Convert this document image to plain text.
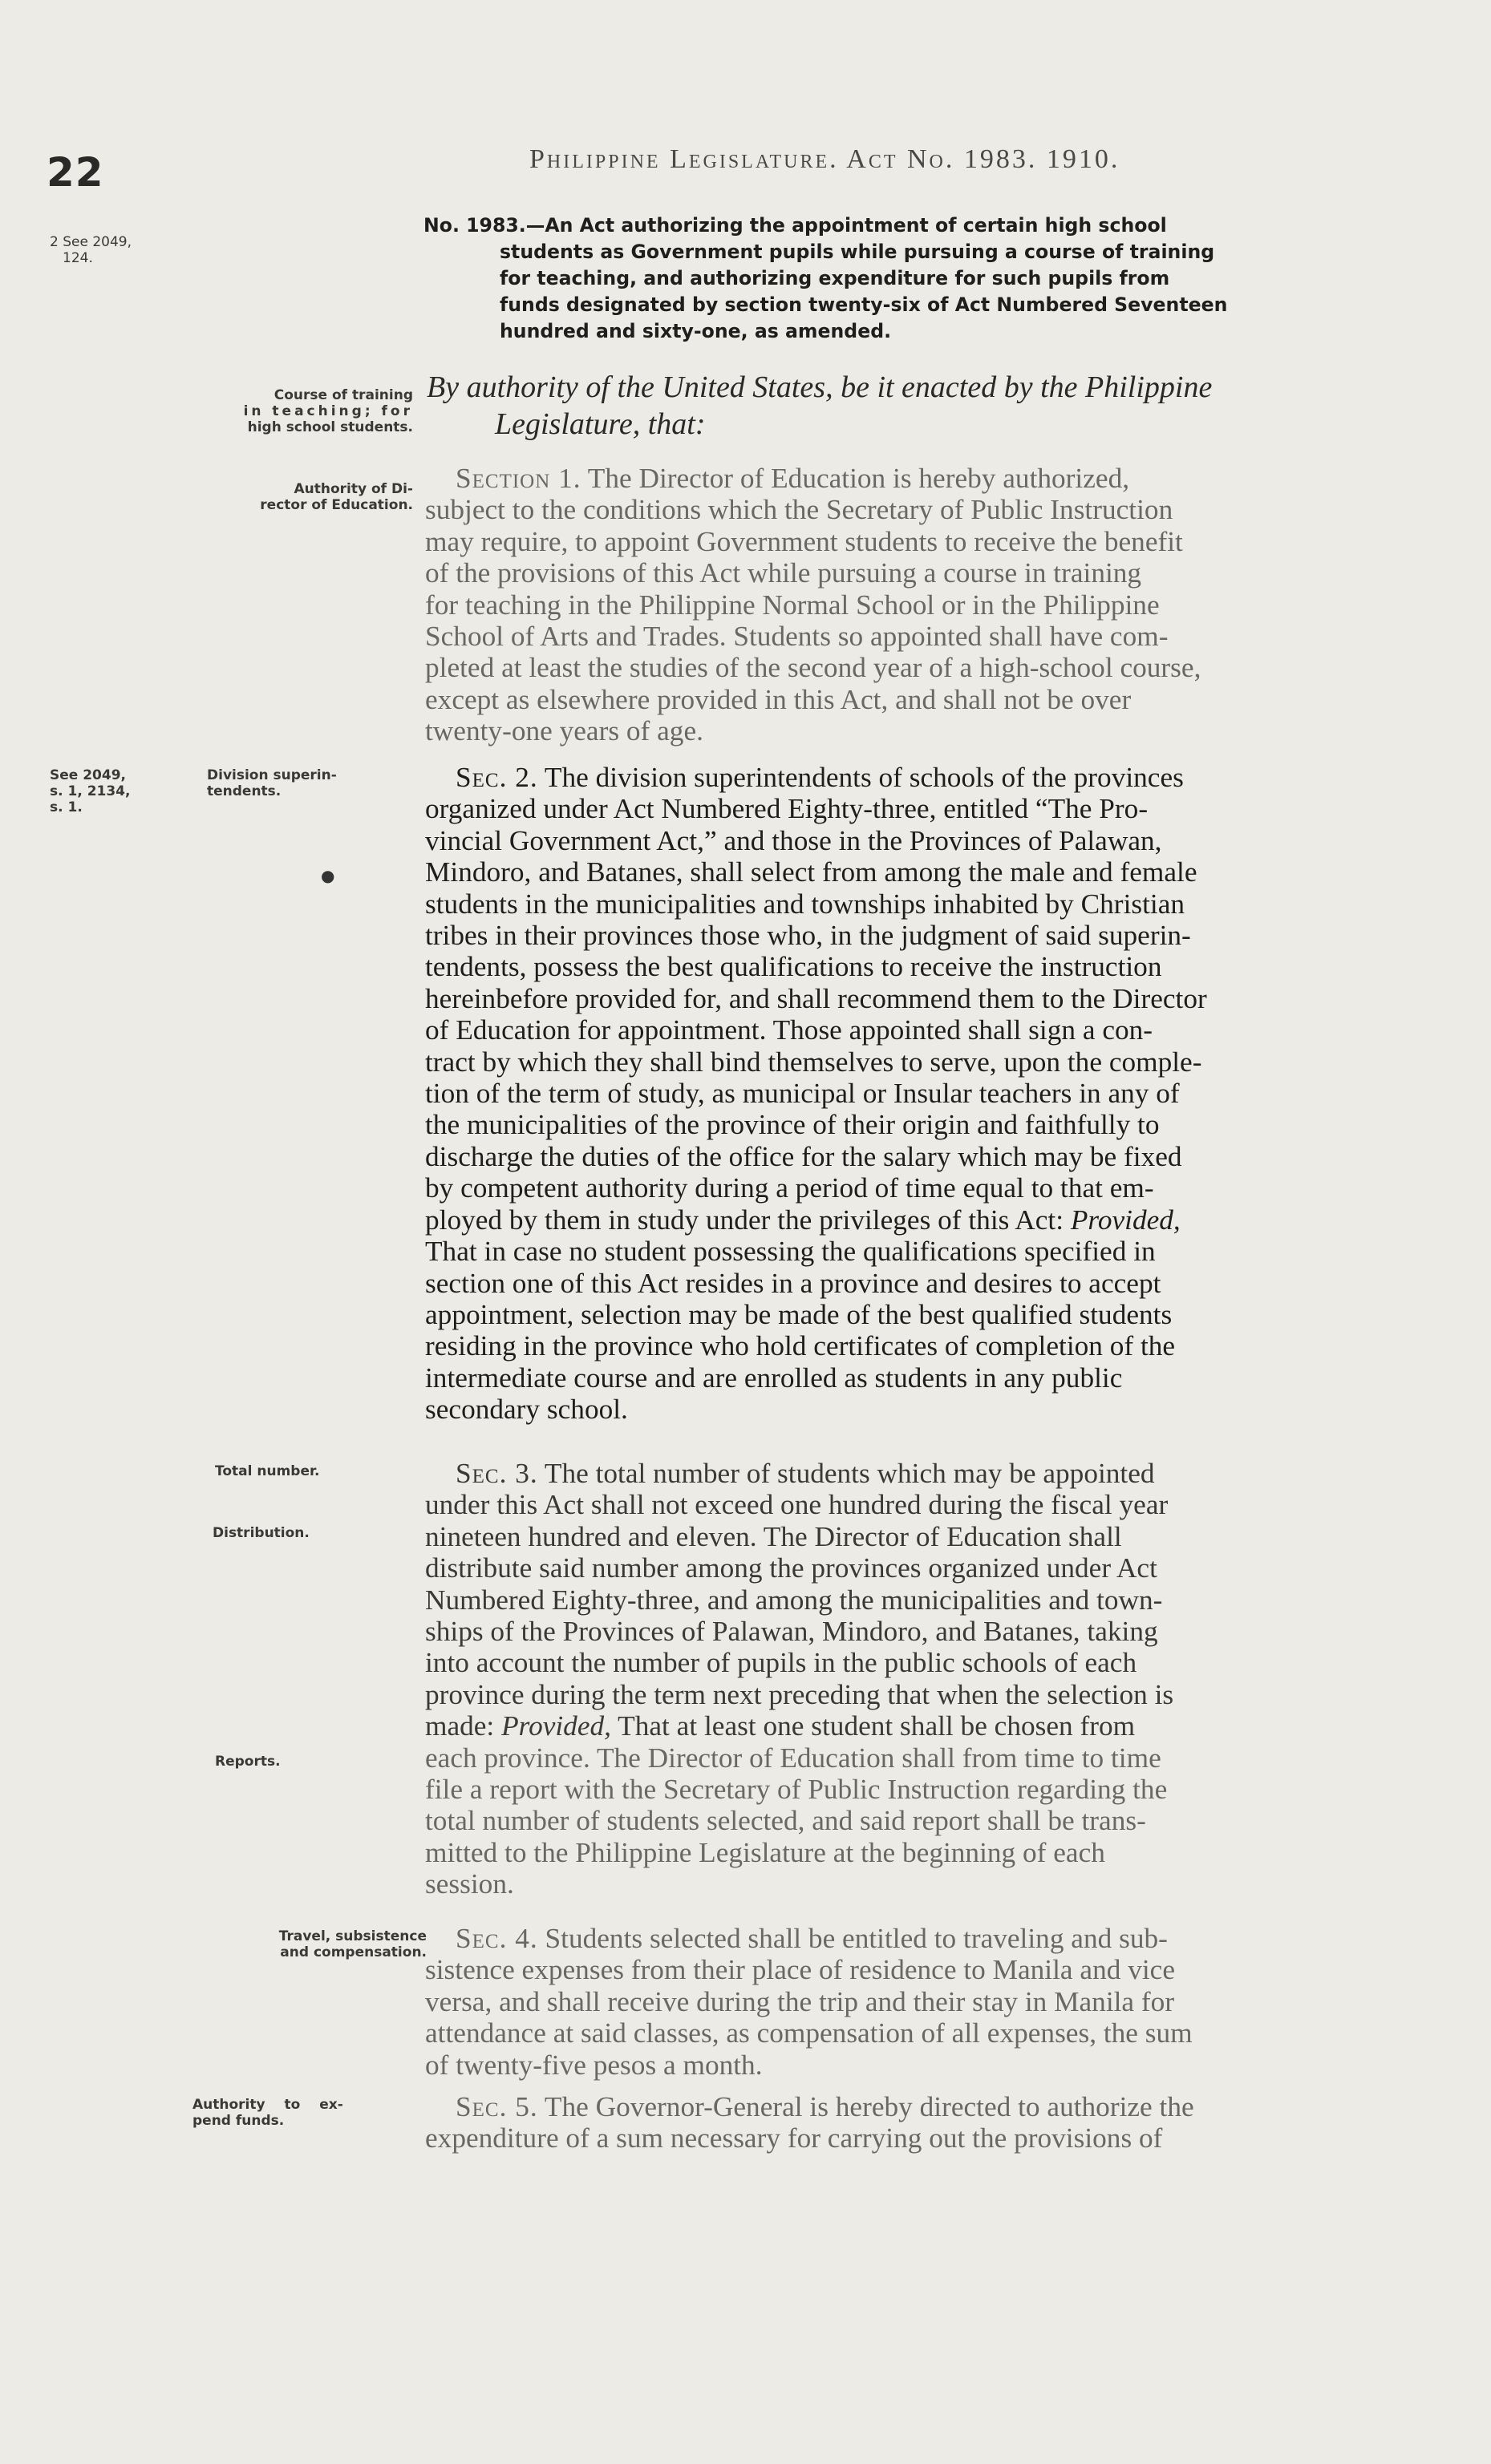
22	Philippine Legislature. Act No. 1983. 1910.
2 See 2049,
124.
Course of training
in teaching; for
high school students.
Authority of Di-
rector of Education.
See 2049,
s. 1, 2134,
s. 1.
Division superin-
tendents.
●
Total number.
Distribution.
Reports.
Travel, subsistence
and compensation.
Authority to ex-
pend funds.
No. 1983.—An Act authorizing the appointment of certain high school
students as Government pupils while pursuing a course of training
for teaching, and authorizing expenditure for such pupils from
funds designated by section twenty-six of Act Numbered Seventeen
hundred and sixty-one, as amended.
By authority of the United States, be it enacted by the Philippine
Legislature, that:
Section 1. The Director of Education is hereby authorized,
subject to the conditions which the Secretary of Public Instruction
may require, to appoint Government students to receive the benefit
of the provisions of this Act while pursuing a course in training
for teaching in the Philippine Normal School or in the Philippine
School of Arts and Trades. Students so appointed shall have com-
pleted at least the studies of the second year of a high-school course,
except as elsewhere provided in this Act, and shall not be over
twenty-one years of age.
Sec. 2. The division superintendents of schools of the provinces
organized under Act Numbered Eighty-three, entitled “The Pro-
vincial Government Act,” and those in the Provinces of Palawan,
Mindoro, and Batanes, shall select from among the male and female
students in the municipalities and townships inhabited by Christian
tribes in their provinces those who, in the judgment of said superin-
tendents, possess the best qualifications to receive the instruction
hereinbefore provided for, and shall recommend them to the Director
of Education for appointment. Those appointed shall sign a con-
tract by which they shall bind themselves to serve, upon the comple-
tion of the term of study, as municipal or Insular teachers in any of
the municipalities of the province of their origin and faithfully to
discharge the duties of the office for the salary which may be fixed
by competent authority during a period of time equal to that em-
ployed by them in study under the privileges of this Act: Provided,
That in case no student possessing the qualifications specified in
section one of this Act resides in a province and desires to accept
appointment, selection may be made of the best qualified students
residing in the province who hold certificates of completion of the
intermediate course and are enrolled as students in any public
secondary school.
Sec. 3. The total number of students which may be appointed
under this Act shall not exceed one hundred during the fiscal year
nineteen hundred and eleven. The Director of Education shall
distribute said number among the provinces organized under Act
Numbered Eighty-three, and among the municipalities and town-
ships of the Provinces of Palawan, Mindoro, and Batanes, taking
into account the number of pupils in the public schools of each
province during the term next preceding that when the selection is
made: Provided, That at least one student shall be chosen from
each province. The Director of Education shall from time to time
file a report with the Secretary of Public Instruction regarding the
total number of students selected, and said report shall be trans-
mitted to the Philippine Legislature at the beginning of each
session.
Sec. 4. Students selected shall be entitled to traveling and sub-
sistence expenses from their place of residence to Manila and vice
versa, and shall receive during the trip and their stay in Manila for
attendance at said classes, as compensation of all expenses, the sum
of twenty-five pesos a month.
Sec. 5. The Governor-General is hereby directed to authorize the
expenditure of a sum necessary for carrying out the provisions of
